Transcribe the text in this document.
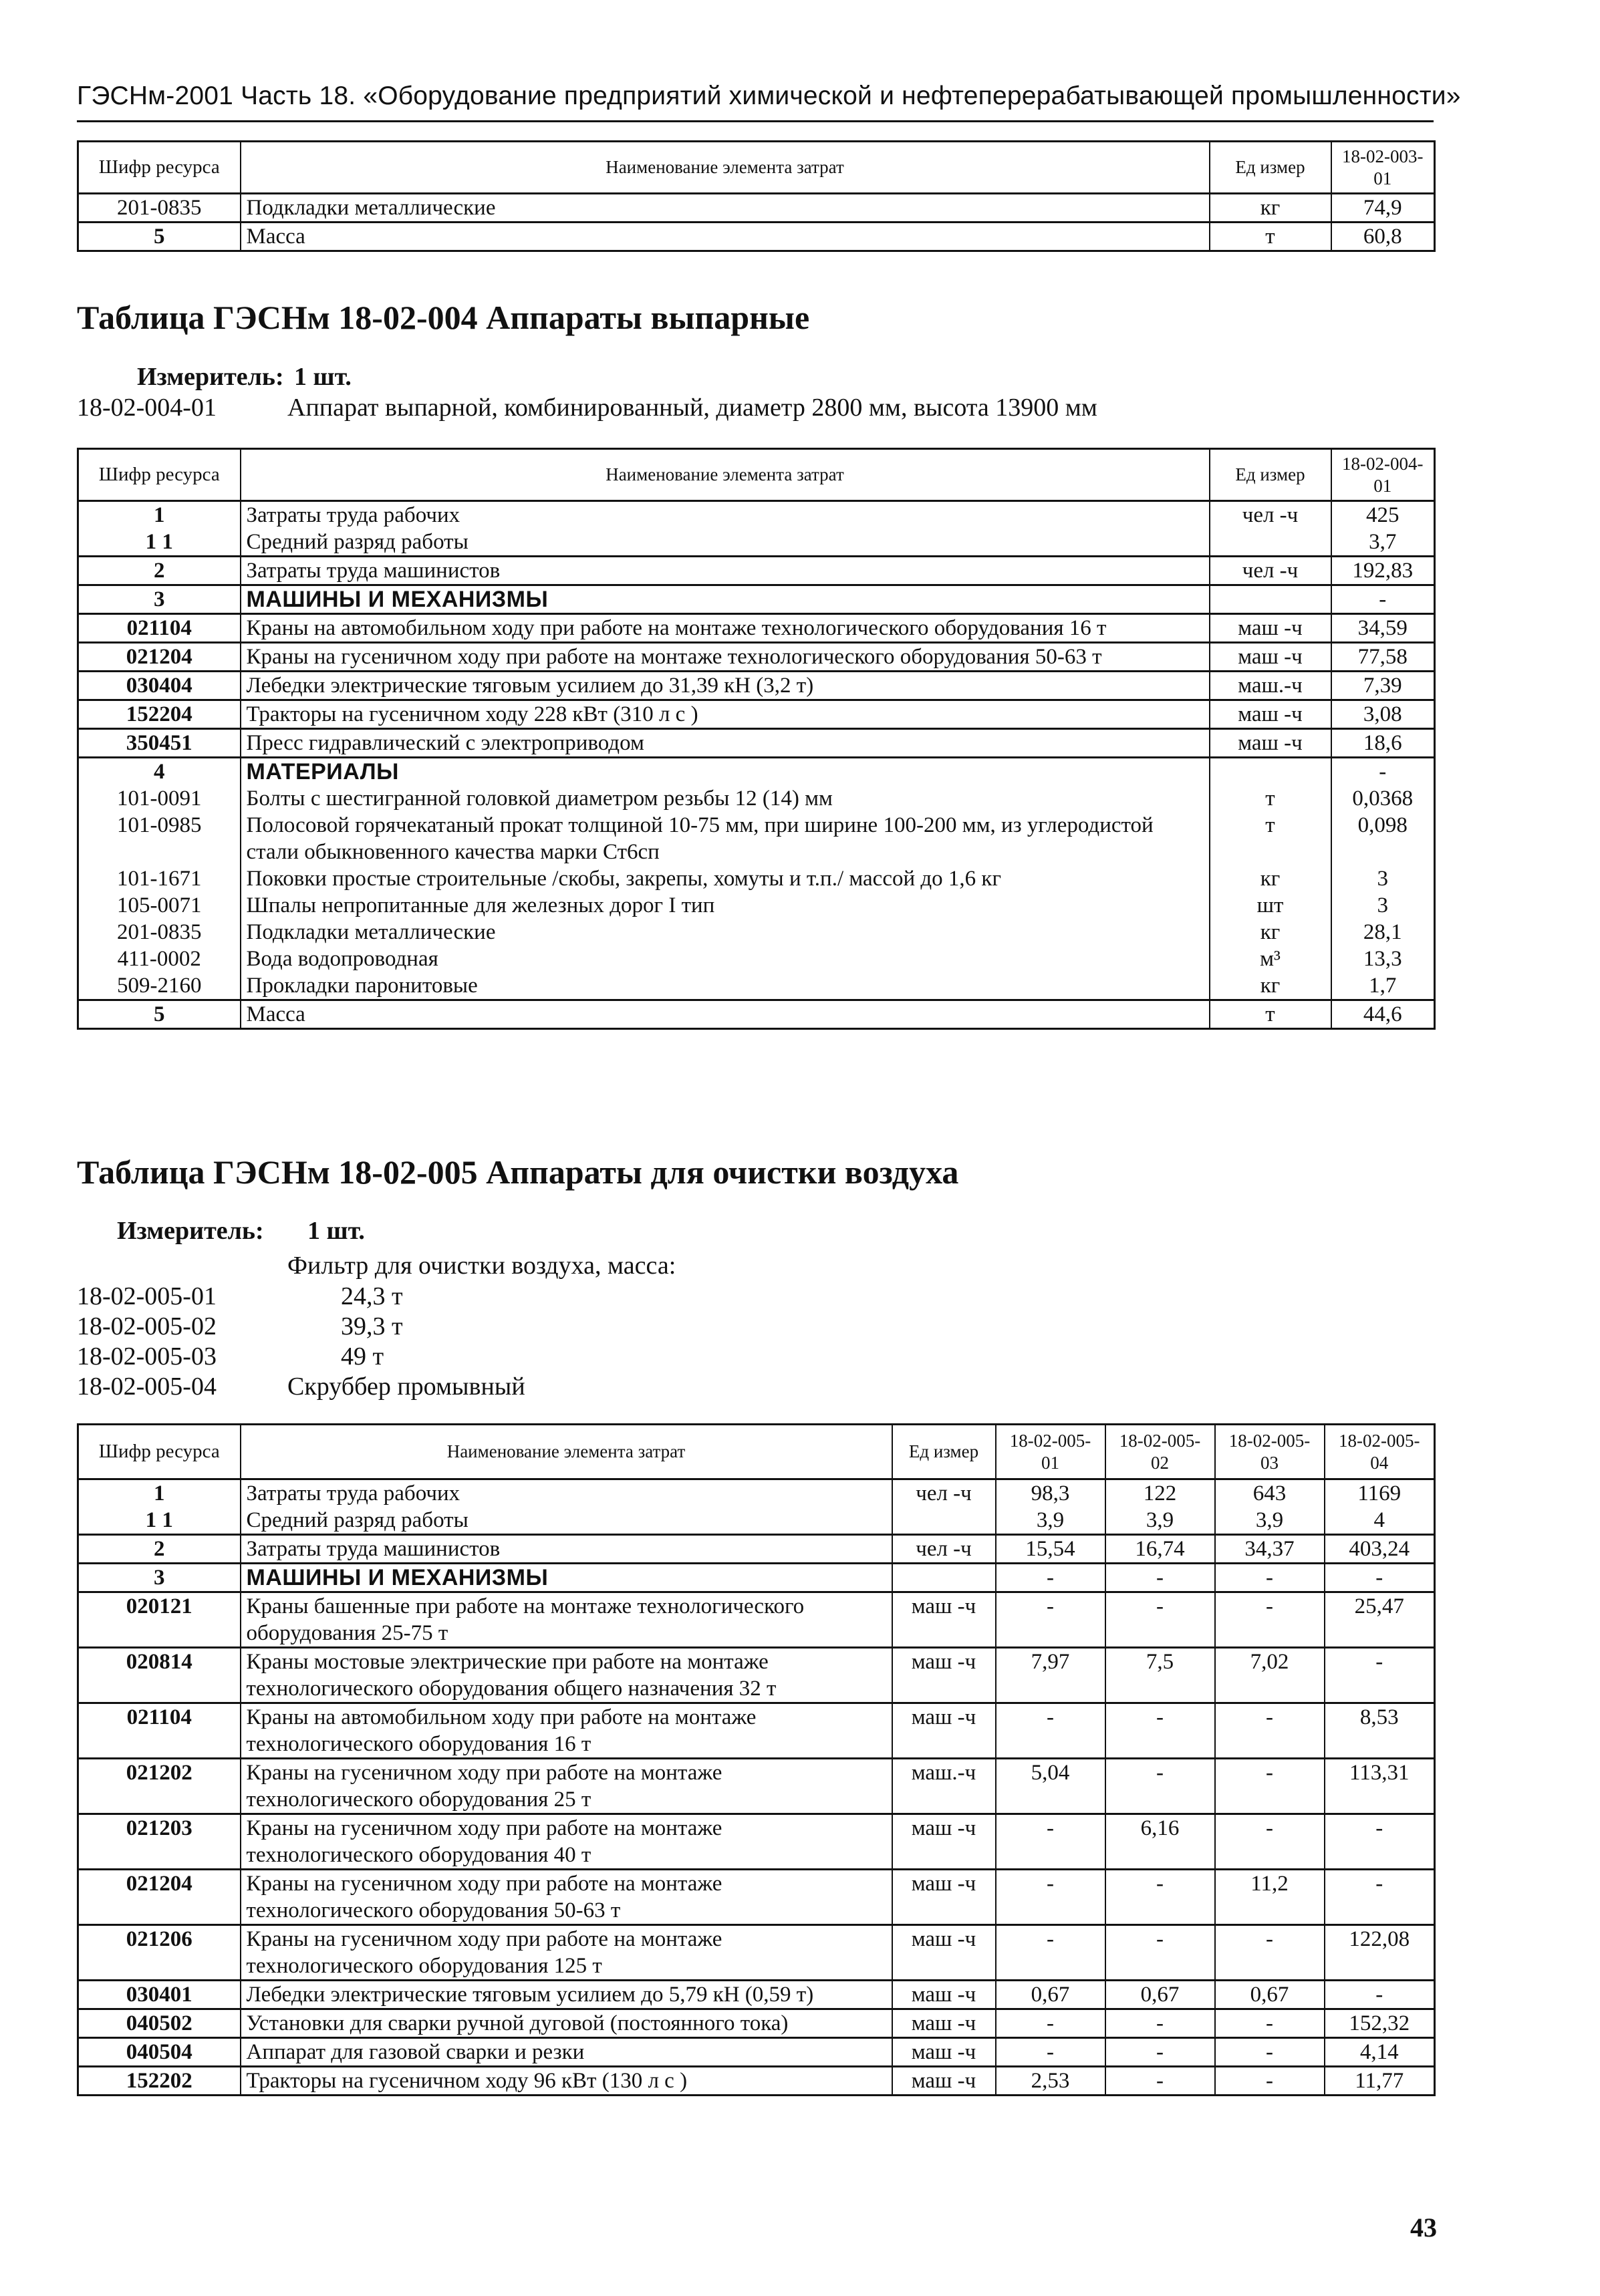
ГЭСНм-2001 Часть 18. «Оборудование предприятий химической и нефтеперерабатывающей промышленности»
Шифр ресурса	Наименование элемента затрат	Ед измер	18-02-003-01
201-0835	Подкладки металлические	кг	74,9
5	Масса	т	60,8
Таблица ГЭСНм 18-02-004 Аппараты выпарные
Измеритель: 1 шт.
18-02-004-01	Аппарат выпарной, комбинированный, диаметр 2800 мм, высота 13900 мм
Шифр ресурса	Наименование элемента затрат	Ед измер	18-02-004-01
1	Затраты труда рабочих	чел -ч	425
1 1	Средний разряд работы		3,7
2	Затраты труда машинистов	чел -ч	192,83
3	МАШИНЫ И МЕХАНИЗМЫ		-
021104	Краны на автомобильном ходу при работе на монтаже технологического оборудования 16 т	маш -ч	34,59
021204	Краны на гусеничном ходу при работе на монтаже технологического оборудования 50-63 т	маш -ч	77,58
030404	Лебедки электрические тяговым усилием до 31,39 кН (3,2 т)	маш.-ч	7,39
152204	Тракторы на гусеничном ходу 228 кВт (310 л с )	маш -ч	3,08
350451	Пресс гидравлический с электроприводом	маш -ч	18,6
4	МАТЕРИАЛЫ		-
101-0091	Болты с шестигранной головкой диаметром резьбы 12 (14) мм	т	0,0368
101-0985	Полосовой горячекатаный прокат толщиной 10-75 мм, при ширине 100-200 мм, из углеродистой стали обыкновенного качества марки Ст6сп	т	0,098
101-1671	Поковки простые строительные /скобы, закрепы, хомуты и т.п./ массой до 1,6 кг	кг	3
105-0071	Шпалы непропитанные для железных дорог I тип	шт	3
201-0835	Подкладки металлические	кг	28,1
411-0002	Вода водопроводная	м³	13,3
509-2160	Прокладки паронитовые	кг	1,7
5	Масса	т	44,6
Таблица ГЭСНм 18-02-005 Аппараты для очистки воздуха
Измеритель: 1 шт.
Фильтр для очистки воздуха, масса:
18-02-005-01	24,3 т
18-02-005-02	39,3 т
18-02-005-03	49 т
18-02-005-04	Скруббер промывный
Шифр ресурса	Наименование элемента затрат	Ед измер	18-02-005-01	18-02-005-02	18-02-005-03	18-02-005-04
1	Затраты труда рабочих	чел -ч	98,3	122	643	1169
1 1	Средний разряд работы		3,9	3,9	3,9	4
2	Затраты труда машинистов	чел -ч	15,54	16,74	34,37	403,24
3	МАШИНЫ И МЕХАНИЗМЫ		-	-	-	-
020121	Краны башенные при работе на монтаже технологического оборудования 25-75 т	маш -ч	-	-	-	25,47
020814	Краны мостовые электрические при работе на монтаже технологического оборудования общего назначения 32 т	маш -ч	7,97	7,5	7,02	-
021104	Краны на автомобильном ходу при работе на монтаже технологического оборудования 16 т	маш -ч	-	-	-	8,53
021202	Краны на гусеничном ходу при работе на монтаже технологического оборудования 25 т	маш.-ч	5,04	-	-	113,31
021203	Краны на гусеничном ходу при работе на монтаже технологического оборудования 40 т	маш -ч	-	6,16	-	-
021204	Краны на гусеничном ходу при работе на монтаже технологического оборудования 50-63 т	маш -ч	-	-	11,2	-
021206	Краны на гусеничном ходу при работе на монтаже технологического оборудования 125 т	маш -ч	-	-	-	122,08
030401	Лебедки электрические тяговым усилием до 5,79 кН (0,59 т)	маш -ч	0,67	0,67	0,67	-
040502	Установки для сварки ручной дуговой (постоянного тока)	маш -ч	-	-	-	152,32
040504	Аппарат для газовой сварки и резки	маш -ч	-	-	-	4,14
152202	Тракторы на гусеничном ходу 96 кВт (130 л с )	маш -ч	2,53	-	-	11,77
43
